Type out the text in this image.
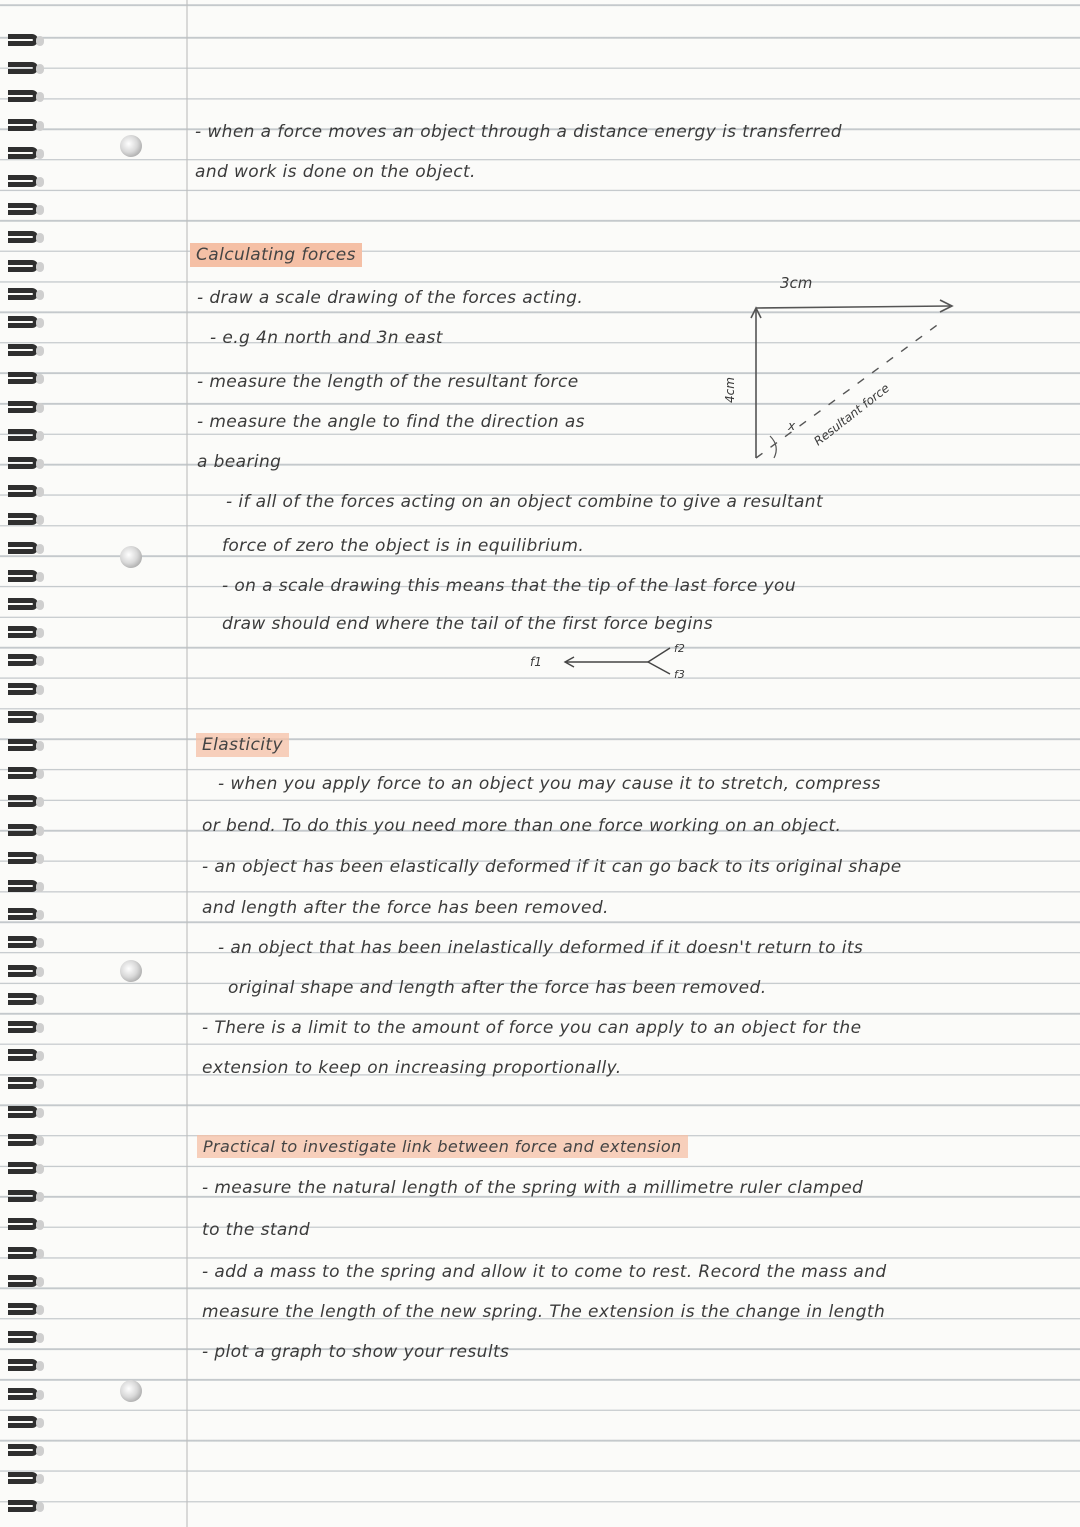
- when a force moves an object through a distance energy is transferred
and work is done on the object.
Calculating forces
- draw a scale drawing of the forces acting.
- e.g 4n north and 3n east
- measure the length of the resultant force
- measure the angle to find the direction as
a bearing
3cm
4cm
x Resultant force
- if all of the forces acting on an object combine to give a resultant
force of zero the object is in equilibrium.
- on a scale drawing this means that the tip of the last force you
draw should end where the tail of the first force begins
f1
f2
f3
Elasticity
- when you apply force to an object you may cause it to stretch, compress
or bend. To do this you need more than one force working on an object.
- an object has been elastically deformed if it can go back to its original shape
and length after the force has been removed.
- an object that has been inelastically deformed if it doesn't return to its
original shape and length after the force has been removed.
- There is a limit to the amount of force you can apply to an object for the
extension to keep on increasing proportionally.
Practical to investigate link between force and extension
- measure the natural length of the spring with a millimetre ruler clamped
to the stand
- add a mass to the spring and allow it to come to rest. Record the mass and
measure the length of the new spring. The extension is the change in length
- plot a graph to show your results
